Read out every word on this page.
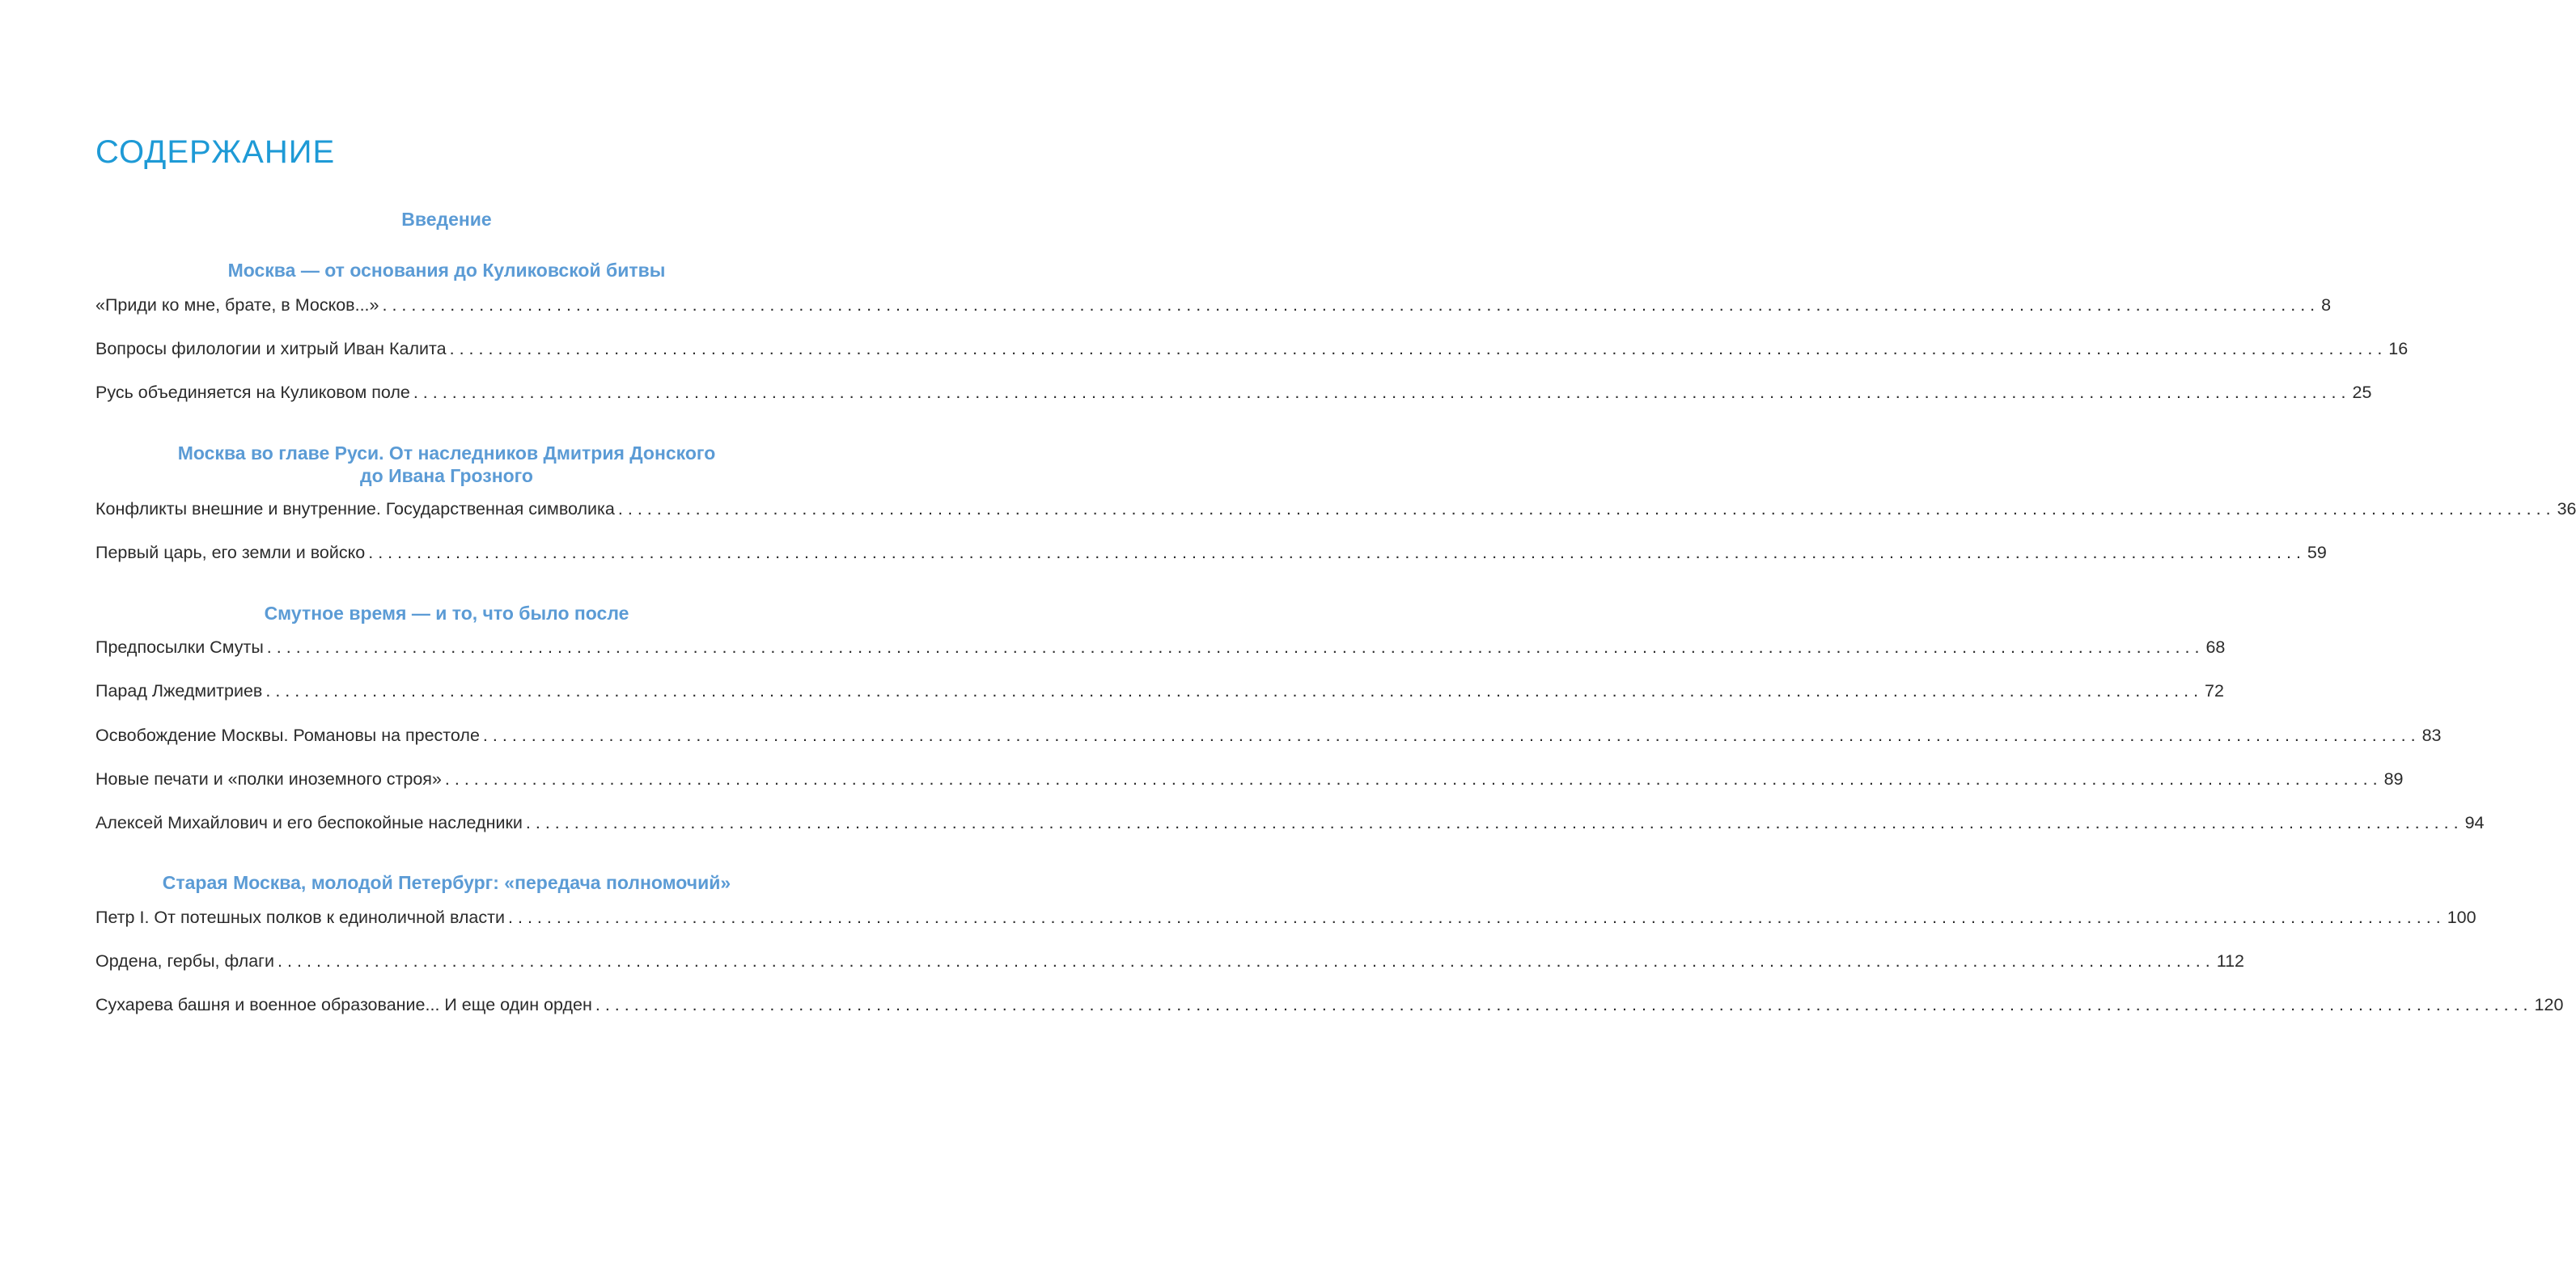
СОДЕРЖАНИЕ
Введение
Москва — от основания до Куликовской битвы
«Приди ко мне, брате, в Москов...» ........................................................................................................................................................................................................ 8
Вопросы филологии и хитрый Иван Калита ........................................................................................................................................................................................................ 16
Русь объединяется на Куликовом поле ........................................................................................................................................................................................................ 25
Москва во главе Руси. От наследников Дмитрия Донского
до Ивана Грозного
Конфликты внешние и внутренние. Государственная символика ........................................................................................................................................................................................................ 36
Первый царь, его земли и войско ........................................................................................................................................................................................................ 59
Смутное время — и то, что было после
Предпосылки Смуты ........................................................................................................................................................................................................ 68
Парад Лжедмитриев ........................................................................................................................................................................................................ 72
Освобождение Москвы. Романовы на престоле ........................................................................................................................................................................................................ 83
Новые печати и «полки иноземного строя» ........................................................................................................................................................................................................ 89
Алексей Михайлович и его беспокойные наследники ........................................................................................................................................................................................................ 94
Старая Москва, молодой Петербург: «передача полномочий»
Петр I. От потешных полков к единоличной власти ........................................................................................................................................................................................................ 100
Ордена, гербы, флаги ........................................................................................................................................................................................................ 112
Сухарева башня и военное образование... И еще один орден ........................................................................................................................................................................................................ 120
